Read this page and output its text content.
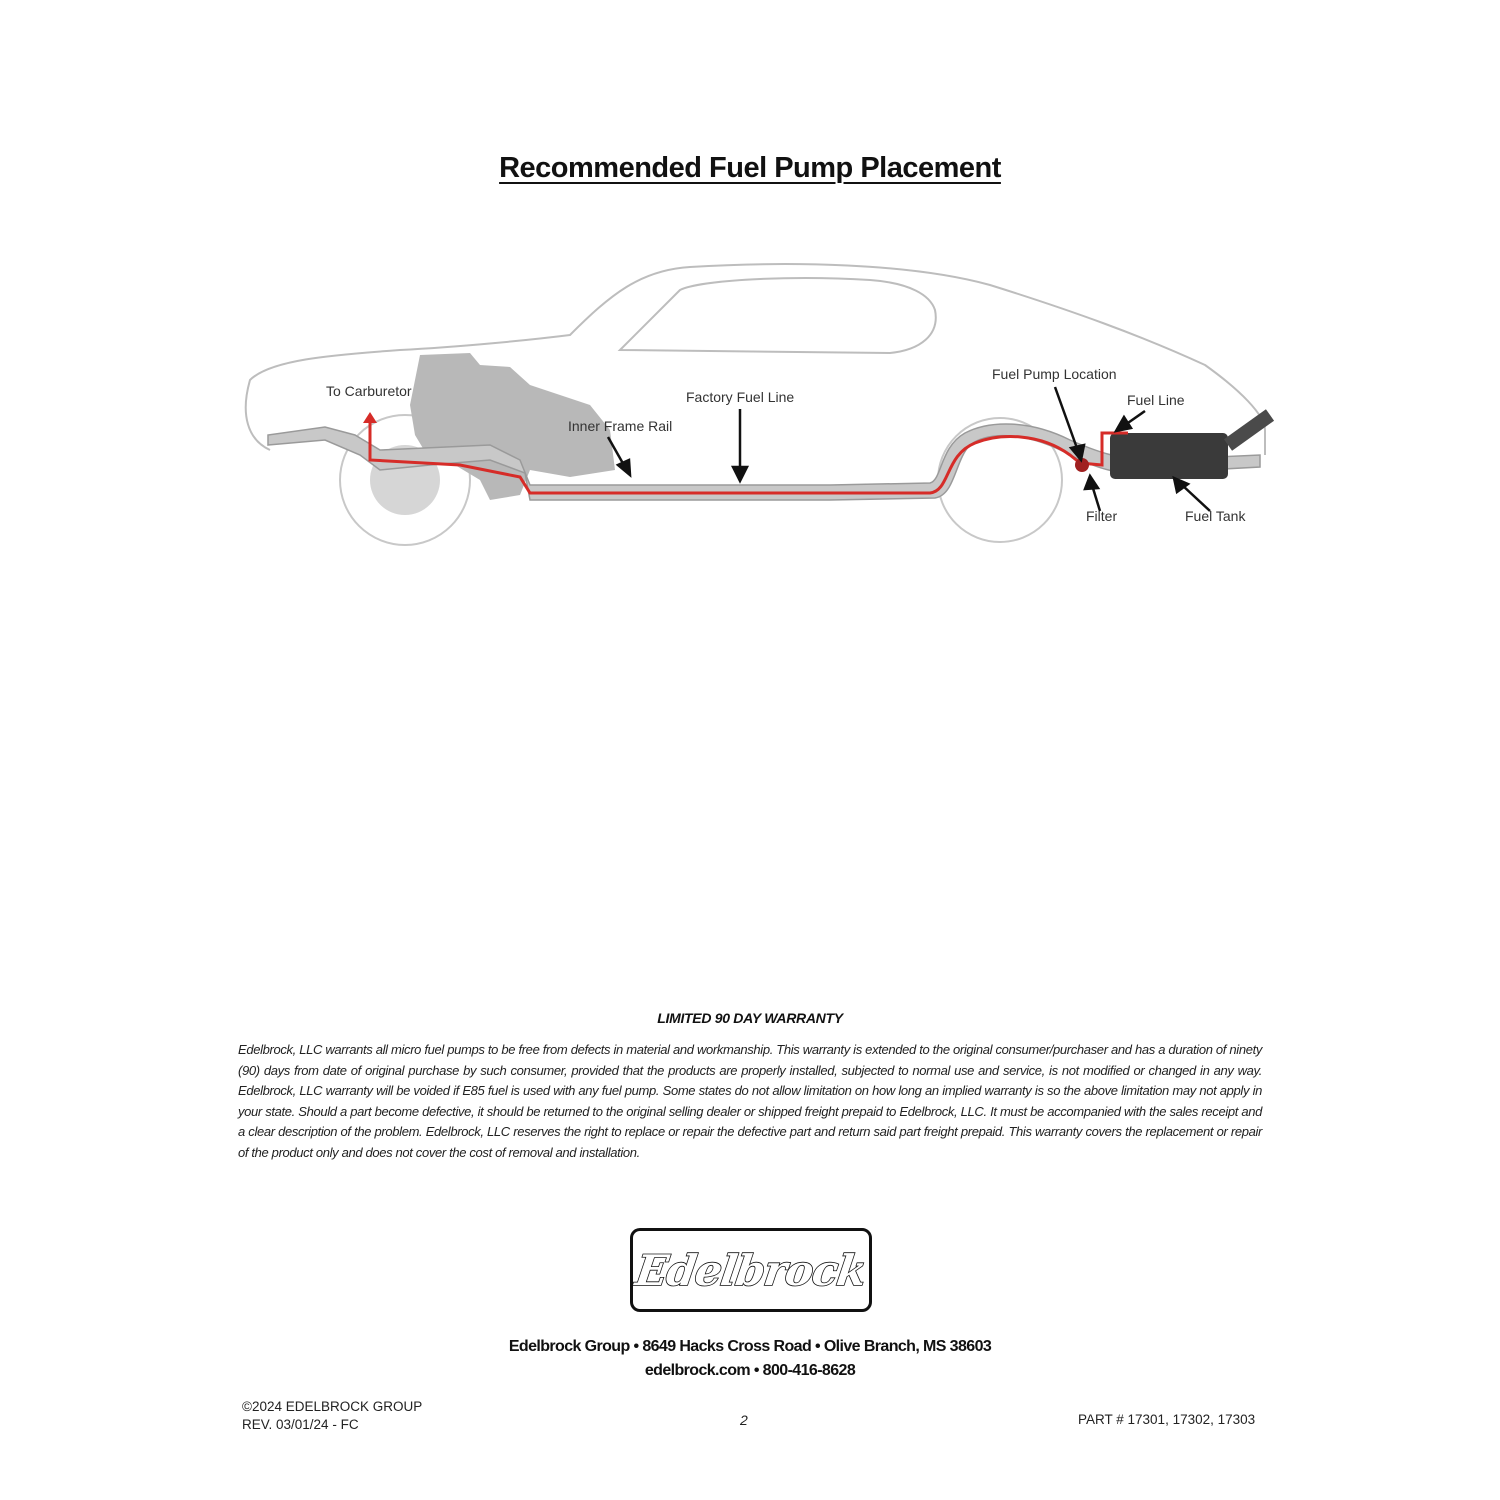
Recommended Fuel Pump Placement
To Carburetor
Inner Frame Rail
Factory Fuel Line
Fuel Pump Location
Fuel Line
Filter	Fuel Tank
LIMITED 90 DAY WARRANTY
Edelbrock, LLC warrants all micro fuel pumps to be free from defects in material and workmanship. This warranty is extended to the original consumer/purchaser and has a duration of ninety (90) days from date of original purchase by such consumer, provided that the products are properly installed, subjected to normal use and service, is not modified or changed in any way. Edelbrock, LLC warranty will be voided if E85 fuel is used with any fuel pump. Some states do not allow limitation on how long an implied warranty is so the above limitation may not apply in your state. Should a part become defective, it should be returned to the original selling dealer or shipped freight prepaid to Edelbrock, LLC. It must be accompanied with the sales receipt and a clear description of the problem. Edelbrock, LLC reserves the right to replace or repair the defective part and return said part freight prepaid. This warranty covers the replacement or repair of the product only and does not cover the cost of removal and installation.
Edelbrock
Edelbrock Group • 8649 Hacks Cross Road • Olive Branch, MS 38603
edelbrock.com • 800-416-8628
©2024 EDELBROCK GROUP
REV. 03/01/24 - FC	2	PART # 17301, 17302, 17303
